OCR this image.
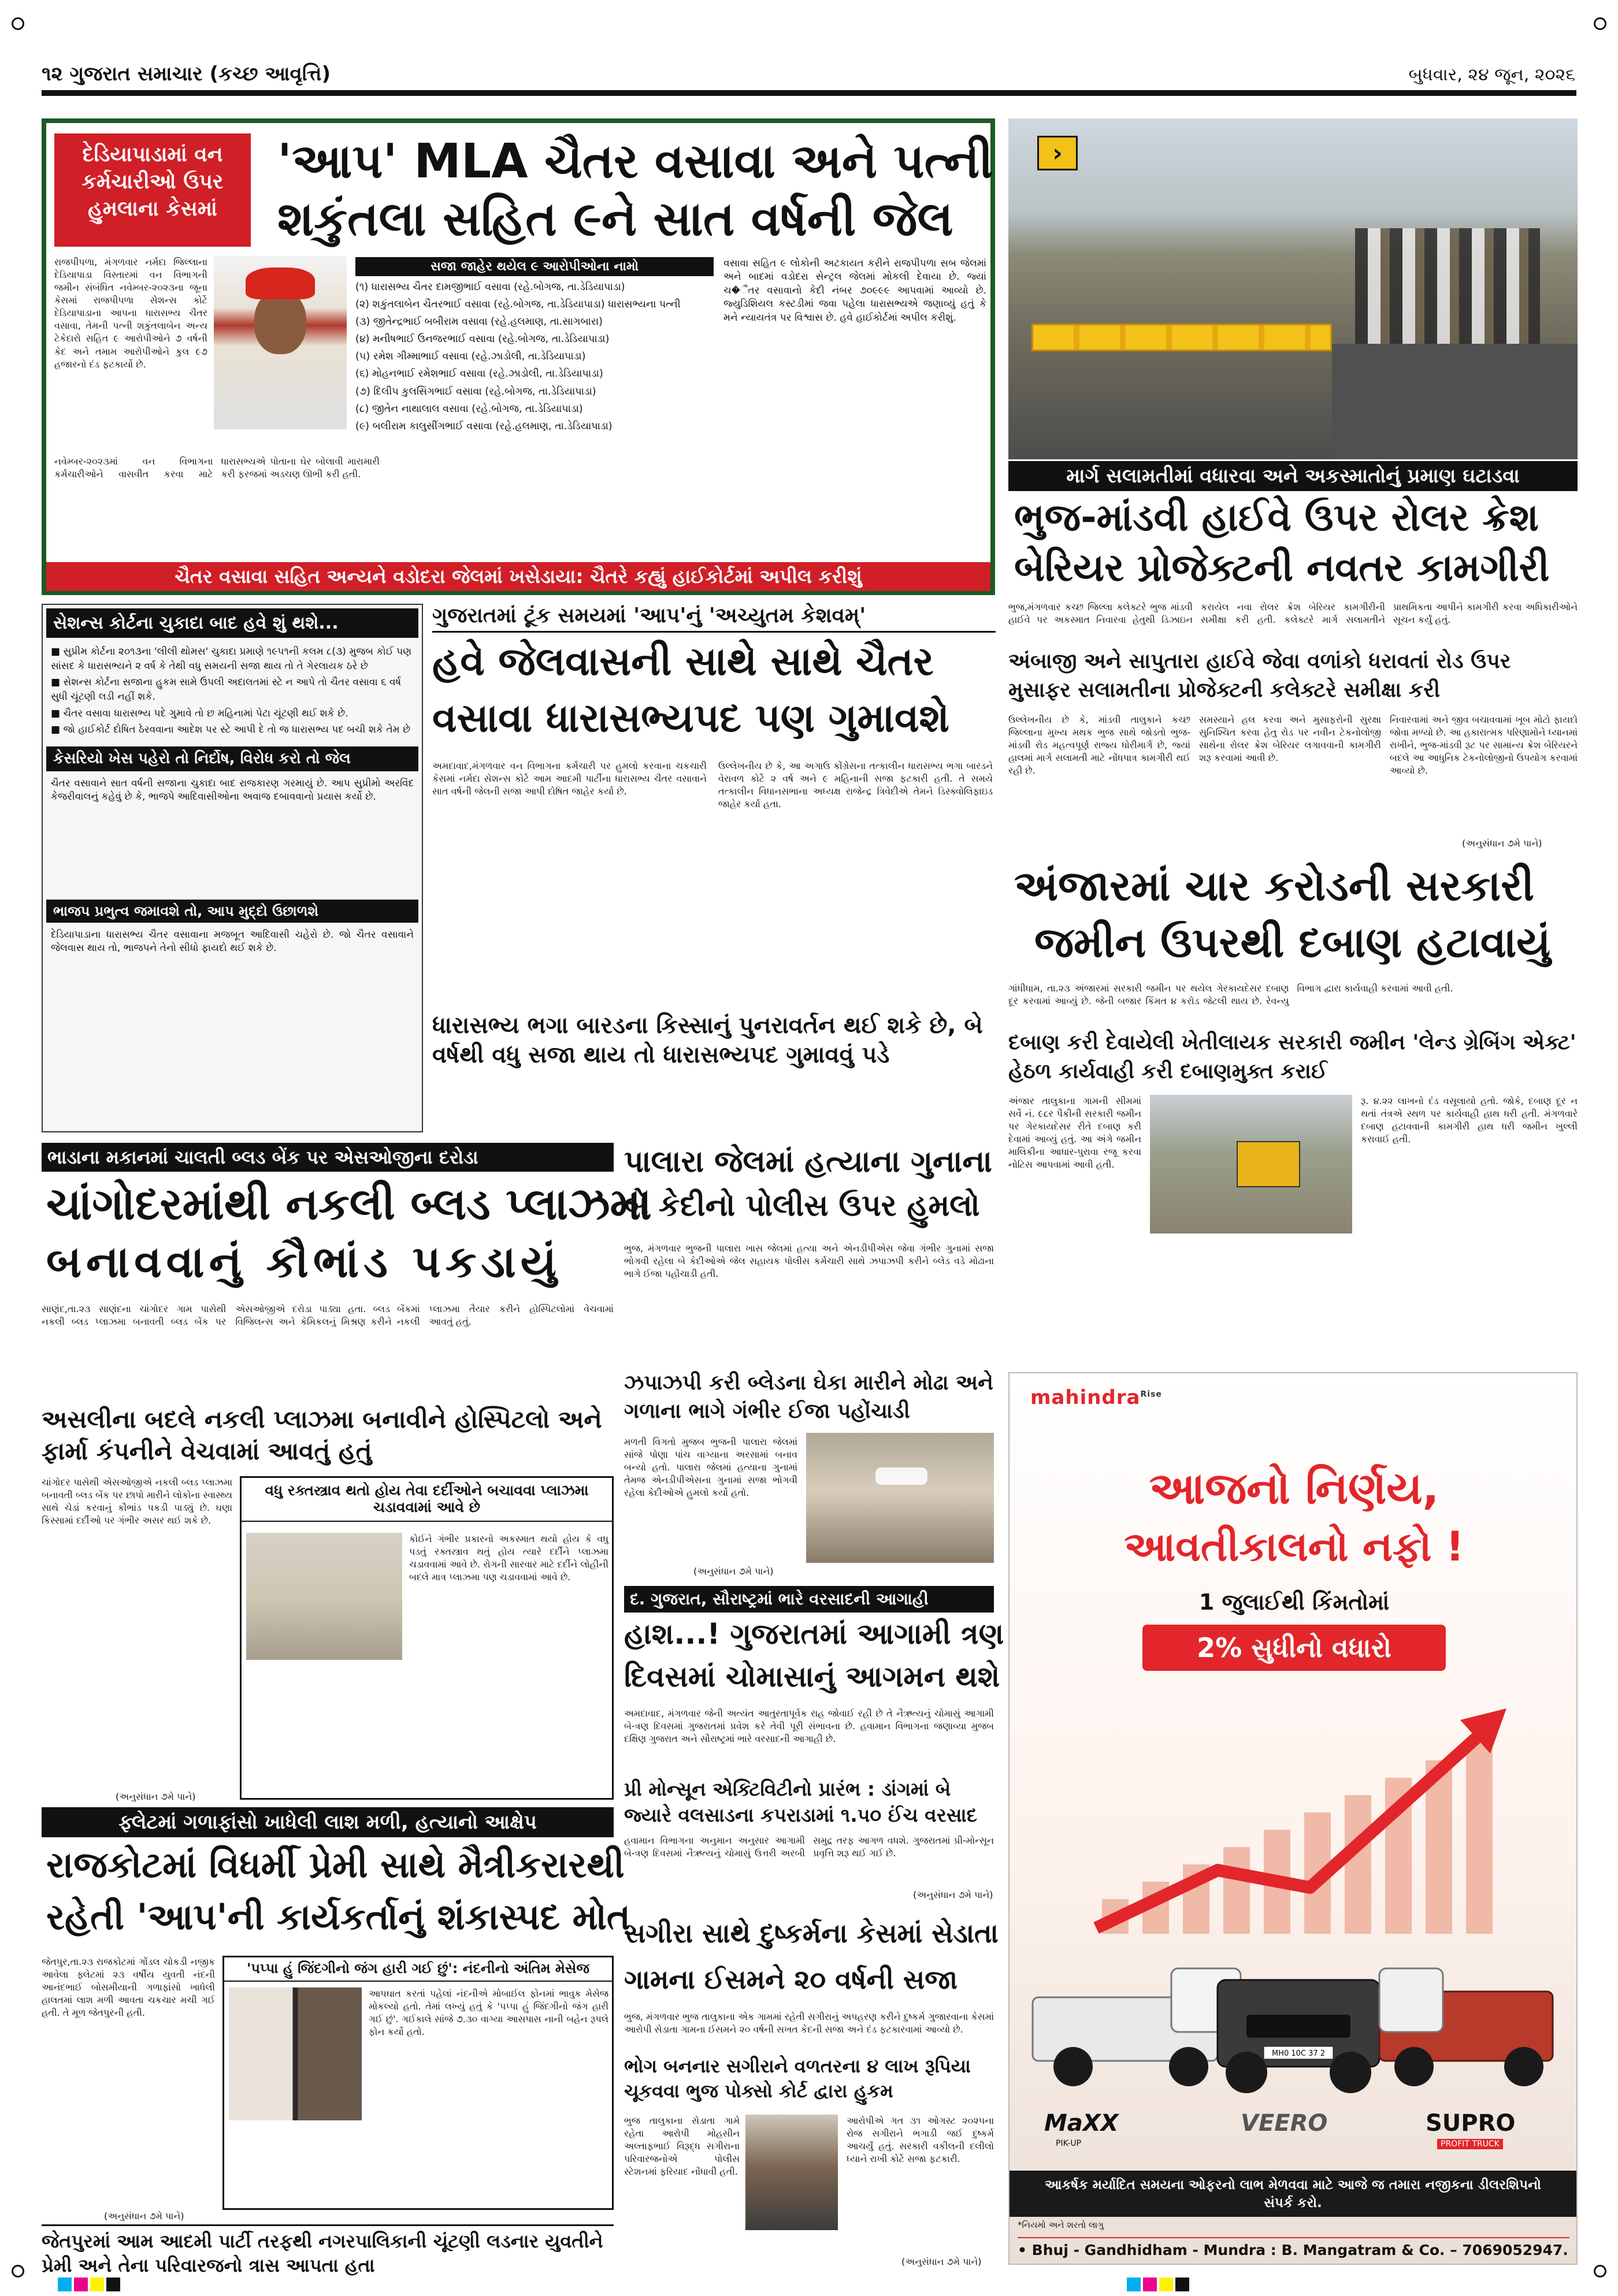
૧૨ ગુજરાત સમાચાર (કચ્છ આવૃત્તિ)	બુધવાર, ૨૪ જૂન, ૨૦૨૬
દેડિયાપાડામાં વન કર્મચારીઓ ઉપર હુમલાના કેસમાં
'આપ' MLA ચૈતર વસાવા અને પત્ની
શકુંતલા સહિત ૯ને સાત વર્ષની જેલ
રાજપીપળા, મંગળવાર નર્મદા જિલ્લાના દેડિયાપાડા વિસ્તારમાં વન વિભાગની જમીન સંબંધિત નવેમ્બર-૨૦૨૩ના જૂના કેસમાં રાજપીપળા સેશન્સ કોર્ટે દેડિયાપાડાના આપના ધારાસભ્ય ચૈતર વસાવા, તેમની પત્ની શકુંતલાબેન અન્ય ટેકેદારો સહિત ૯ આરોપીઓને ૭ વર્ષની કેદ અને તમામ આરોપીઓને કુલ ૯૭ હજારનો દંડ ફટકાર્યો છે.
સજા જાહેર થયેલ ૯ આરોપીઓના નામો
(૧) ધારાસભ્ય ચૈતર દામજીભાઈ વસાવા (રહે.બોગજ, તા.ડેડિયાપાડા)
(૨) શકુંતલાબેન ચૈતરભાઈ વસાવા (રહે.બોગજ, તા.ડેડિયાપાડા) ધારાસભ્યના પત્ની
(૩) જીતેન્દ્રભાઈ બબીરામ વસાવા (રહે.હલમાણ, તા.સાગબારા)
(૪) મનીષભાઈ ઉનજરભાઈ વસાવા (રહે.બોગજ, તા.ડેડિયાપાડા)
(૫) રમેશ ગીમ્માભાઈ વસાવા (રહે.ઝાડોલી, તા.ડેડિયાપાડા)
(૬) મોહનભાઈ રમેશભાઈ વસાવા (રહે.ઝાડોલી, તા.ડેડિયાપાડા)
(૭) દિલીપ કુલસિંગભાઈ વસાવા (રહે.બોગજ, તા.ડેડિયાપાડા)
(૮) જીતેન નાથાલાલ વસાવા (રહે.બોગજ, તા.ડેડિયાપાડા)
(૯) બલીરામ કાલુસીંગભાઈ વસાવા (રહે.હલમાણ, તા.ડેડિયાપાડા)
વસાવા સહિત ૯ લોકોની અટકાયત કરીને રાજપીપળા સબ જેલમાં અને બાદમાં વડોદરા સેન્ટ્રલ જેલમાં મોકલી દેવાયા છે. જ્યાં ચ�ૈતર વસાવાનો કેદી નંબર ૭૦૯૯૯ આપવામાં આવ્યો છે. જ્યુડિશિયલ કસ્ટડીમાં જવા પહેલા ધારાસભ્યએ જણાવ્યું હતું કે મને ન્યાયતંત્ર પર વિશ્વાસ છે. હવે હાઈકોર્ટમાં અપીલ કરીશું.
નવેમ્બર-૨૦૨૩માં વન વિભાગના કર્મચારીઓને વાસવીત કરવા માટે ધારાસભ્યએ પોતાના ઘેર બોલાવી મારામારી કરી ફરજમાં અડચણ ઊભી કરી હતી.
ચૈતર વસાવા સહિત અન્યને વડોદરા જેલમાં ખસેડાયા: ચૈતરે કહ્યું હાઈકોર્ટમાં અપીલ કરીશું
સેશન્સ કોર્ટના ચુકાદા બાદ હવે શું થશે...
■ સુપ્રીમ કોર્ટના ૨૦૧૩ના 'લીલી થોમસ' ચુકાદા પ્રમાણે ૧૯૫૧ની કલમ ૮(૩) મુજબ કોઈ પણ સાંસદ કે ધારાસભ્યને ૨ વર્ષ કે તેથી વધુ સમયની સજા થાય તો તે ગેરલાયક ઠરે છે
■ સેશન્સ કોર્ટના સજાના હુકમ સામે ઉપલી અદાલતમાં સ્ટે ન આપે તો ચૈતર વસાવા ૬ વર્ષ સુધી ચૂંટણી લડી નહીં શકે.
■ ચૈતર વસાવા ધારાસભ્ય પદે ગુમાવે તો છ મહિનામાં પેટા ચૂંટણી થઈ શકે છે.
■ જો હાઈકોર્ટ દોષિત ઠેરવવાના આદેશ પર સ્ટે આપી દે તો જ ધારાસભ્ય પદ બચી શકે તેમ છે
કેસરિયો ખેસ પહેરો તો નિર્દોષ, વિરોધ કરો તો જેલ
ચૈતર વસાવાને સાત વર્ષની સજાના ચુકાદા બાદ રાજકારણ ગરમાયું છે. આપ સુપ્રીમો અરવિંદ કેજરીવાલનું કહેવું છે કે, ભાજપે આદિવાસીઓના અવાજ દબાવવાનો પ્રયાસ કર્યો છે.
ભાજપ પ્રભુત્વ જમાવશે તો, આપ મુદ્દો ઉછાળશે
દેડિયાપાડાના ધારાસભ્ય ચૈતર વસાવાના મજબૂત આદિવાસી ચહેરો છે. જો ચૈતર વસાવાને જેલવાસ થાય તો, ભાજપને તેનો સીધો ફાયદો થઈ શકે છે.
ગુજરાતમાં ટૂંક સમયમાં 'આપ'નું 'અચ્યુતમ કેશવમ્'
હવે જેલવાસની સાથે સાથે ચૈતર
વસાવા ધારાસભ્યપદ પણ ગુમાવશે
અમદાવાદ,મંગળવાર વન વિભાગના કર્મચારી પર હુમલો કરવાના ચકચારી કેસમાં નર્મદા સેશન્સ કોર્ટે આમ આદમી પાર્ટીના ધારાસભ્ય ચૈતર વસાવાને સાત વર્ષની જેલની સજા આપી દોષિત જાહેર કર્યા છે.
ઉલ્લેખનીય છે કે, આ અગાઉ કોંગ્રેસના તત્કાલીન ધારાસભ્ય ભગા બારડને વેરાવળ કોર્ટે ૨ વર્ષ અને ૯ મહિનાની સજા ફટકારી હતી. તે સમયે તત્કાલીન વિધાનસભાના અધ્યક્ષ રાજેન્દ્ર ત્રિવેદીએ તેમને ડિસ્ક્વોલિફાઇડ જાહેર કર્યા હતા.
ધારાસભ્ય ભગા બારડના કિસ્સાનું પુનરાવર્તન થઈ શકે છે, બે વર્ષથી વધુ સજા થાય તો ધારાસભ્યપદ ગુમાવવું પડે
›
માર્ગ સલામતીમાં વધારવા અને અકસ્માતોનું પ્રમાણ ઘટાડવા
ભુજ-માંડવી હાઈવે ઉપર રોલર ક્રેશ
બેરિયર પ્રોજેક્ટની નવતર કામગીરી
ભુજ,મંગળવાર કચ્છ જિલ્લા કલેક્ટરે ભુજ માંડવી હાઈવે પર અકસ્માત નિવારવા હેતુથી ડિઝાઇન કરાયેલ નવા રોલર ક્રેશ બેરિયર કામગીરીની સમીક્ષા કરી હતી. કલેક્ટરે માર્ગ સલામતીને પ્રાથમિકતા આપીને કામગીરી કરવા અધિકારીઓને સૂચન કર્યું હતું.
અંબાજી અને સાપુતારા હાઈવે જેવા વળાંકો ધરાવતાં રોડ ઉપર મુસાફર સલામતીના પ્રોજેક્ટની કલેક્ટરે સમીક્ષા કરી
ઉલ્લેખનીય છે કે, માંડવી તાલુકાને કચ્છ જિલ્લાના મુખ્ય મથક ભુજ સાથે જોડતો ભુજ-માંડવી રોડ મહત્વપૂર્ણ રાજ્ય ધોરીમાર્ગ છે, જ્યાં હાલમાં માર્ગ સલામતી માટે નોંધપાત્ર કામગીરી થઈ રહી છે.
સમસ્યાને હલ કરવા અને મુસાફરોની સુરક્ષા સુનિશ્ચિત કરવા હેતુ રોડ પર નવીન ટેકનોલોજી સાથેના રોલર ક્રેશ બેરિયર લગાવવાની કામગીરી શરૂ કરવામાં આવી છે.
નિવારવામાં અને જીવ બચાવવામાં ખૂબ મોટો ફાયદો જોવા મળ્યો છે. આ હકારાત્મક પરિણામોને ધ્યાનમાં રાખીને, ભુજ-માંડવી રૂટ પર સામાન્ય ક્રેશ બેરિયરને બદલે આ આધુનિક ટેકનોલોજીનો ઉપયોગ કરવામાં આવ્યો છે.
(અનુસંધાન ૭મે પાને)
અંજારમાં ચાર કરોડની સરકારી
જમીન ઉપરથી દબાણ હટાવાયું
ગાંધીધામ, તા.૨૩ અંજારમાં સરકારી જમીન પર થયેલ ગેરકાયદેસર દબાણ દૂર કરવામાં આવ્યું છે. જેની બજાર કિંમત ૪ કરોડ જેટલી થાય છે. રેવન્યુ વિભાગ દ્વારા કાર્યવાહી કરવામાં આવી હતી.
દબાણ કરી દેવાયેલી ખેતીલાયક સરકારી જમીન 'લેન્ડ ગ્રેબિંગ એક્ટ' હેઠળ કાર્યવાહી કરી દબાણમુક્ત કરાઈ
અંજાર તાલુકાના ગામની સીમમાં સર્વે નં. ૯૮ર પૈકીની સરકારી જમીન પર ગેરકાયદેસર રીતે દબાણ કરી દેવામાં આવ્યું હતું. આ અંગે જમીન માલિકીના આધાર-પુરાવા રજૂ કરવા નોટિસ આપવામાં આવી હતી.
રૂ. ૪.૨૨ લાખનો દંડ વસૂલાયો હતો. જોકે, દબાણ દૂર ન થતાં તંત્રએ સ્થળ પર કાર્યવાહી હાથ ધરી હતી. મંગળવારે દબાણ હટાવવાની કામગીરી હાથ ધરી જમીન ખુલ્લી કરાવાઈ હતી.
ભાડાના મકાનમાં ચાલતી બ્લડ બેંક પર એસઓજીના દરોડા
ચાંગોદરમાંથી નકલી બ્લડ પ્લાઝમા
બનાવવાનું કૌભાંડ પકડાયું
સાણંદ,તા.૨૩ સાણંદના ચાંગોદર ગામ પાસેથી નકલી બ્લડ પ્લાઝમા બનાવતી બ્લડ બેંક પર એસઓજીએ દરોડા પાડ્યા હતા. બ્લડ બેંકમાં વિજિલન્સ અને કેમિકલનું મિશ્રણ કરીને નકલી પ્લાઝમા તૈયાર કરીને હોસ્પિટલોમાં વેચવામાં આવતું હતું.
અસલીના બદલે નકલી પ્લાઝમા બનાવીને હોસ્પિટલો અને ફાર્મા કંપનીને વેચવામાં આવતું હતું
ચાંગોદર પાસેથી એસઓજીએ નકલી બ્લડ પ્લાઝમા બનાવતી બ્લડ બેંક પર છાપો મારીને લોકોના સ્વાસ્થ્ય સાથે ચેડાં કરવાનું કૌભાંડ પકડી પાડ્યું છે. ઘણા કિસ્સામાં દર્દીઓ પર ગંભીર અસર થઈ શકે છે.
વધુ રક્તસ્ત્રાવ થતો હોય તેવા દર્દીઓને બચાવવા પ્લાઝમા ચડાવવામાં આવે છે
કોઈને ગંભીર પ્રકારનો અકસ્માત થયો હોય કે વધુ પડતું રક્તસ્ત્રાવ થતું હોય ત્યારે દર્દીને પ્લાઝમા ચડાવવામાં આવે છે. રોગની સારવાર માટે દર્દીને લોહીની બદલે માત્ર પ્લાઝમા પણ ચડાવવામાં આવે છે.
(અનુસંધાન ૭મે પાને)
પાલારા જેલમાં હત્યાના ગુનાના
બે કેદીનો પોલીસ ઉપર હુમલો
ભુજ, મંગળવાર ભુજની પાલારા ખાસ જેલમાં હત્યા અને એનડીપીએસ જેવા ગંભીર ગુનામાં સજા ભોગવી રહેલા બે કેદીઓએ જેલ સહાયક પોલીસ કર્મચારી સાથે ઝપાઝપી કરીને બ્લેડ વડે મોઢાના ભાગે ઈજા પહોંચાડી હતી.
ઝપાઝપી કરી બ્લેડના ઘેકા મારીને મોઢા અને ગળાના ભાગે ગંભીર ઈજા પહોંચાડી
મળતી વિગતો મુજબ ભુજની પાલારા જેલમાં સાંજે પોણા પાંચ વાગ્યાના અરસામાં બનાવ બન્યો હતો. પાલારા જેલમાં હત્યાના ગુનામાં તેમજ એનડીપીએસના ગુનામાં સજા ભોગવી રહેલા કેદીઓએ હુમલો કર્યો હતો.
(અનુસંધાન ૭મે પાને)
દ. ગુજરાત, સૌરાષ્ટ્રમાં ભારે વરસાદની આગાહી
હાશ...! ગુજરાતમાં આગામી ત્રણ
દિવસમાં ચોમાસાનું આગમન થશે
અમદાવાદ, મંગળવાર જેની અત્યંત આતુરતાપૂર્વક રાહ જોવાઈ રહી છે તે નૈઋત્યનું ચોમાસું આગામી બે-ત્રણ દિવસમાં ગુજરાતમાં પ્રવેશ કરે તેવી પૂરી સંભાવના છે. હવામાન વિભાગના જણાવ્યા મુજબ દક્ષિણ ગુજરાત અને સૌરાષ્ટ્રમાં ભારે વરસાદની આગાહી છે.
પ્રી મોન્સૂન એક્ટિવિટીનો પ્રારંભ : ડાંગમાં બે જ્યારે વલસાડના કપરાડામાં ૧.૫૦ ઈંચ વરસાદ
હવામાન વિભાગના અનુમાન અનુસાર આગામી બે-ત્રણ દિવસમાં નૈઋત્યનું ચોમાસું ઉત્તરી અરબી સમુદ્ર તરફ આગળ વધશે. ગુજરાતમાં પ્રી-મોન્સૂન પ્રવૃત્તિ શરૂ થઈ ગઈ છે.
(અનુસંધાન ૭મે પાને)
ફ્લેટમાં ગળાફાંસો ખાધેલી લાશ મળી, હત્યાનો આક્ષેપ
રાજકોટમાં વિધર્મી પ્રેમી સાથે મૈત્રીકરારથી
રહેતી 'આપ'ની કાર્યકર્તાનું શંકાસ્પદ મોત
જેતપુર,તા.૨૩ રાજકોટમાં ગોંડલ ચોકડી નજીક આવેલા ફ્લેટમાં ૨૩ વર્ષીય યુવતી નંદની આનંદભાઈ બોસમીયાની ગળાફાંસો ખાધેલી હાલતમાં લાશ મળી આવતા ચકચાર મચી ગઈ હતી. તે મૂળ જેતપુરની હતી.
'પપ્પા હું જિંદગીનો જંગ હારી ગઈ છું': નંદનીનો અંતિમ મેસેજ
આપઘાત કરતાં પહેલાં નંદનીએ મોબાઈલ ફોનમાં ભાવુક મેસેજ મોકલ્યો હતો. તેમાં લખ્યું હતું કે 'પપ્પા હું જિંદગીનો જંગ હારી ગઈ છું'. ગઈકાલે સાંજે ૭.૩૦ વાગ્યા આસપાસ નાની બહેન રૂપલે ફોન કર્યો હતો.
(અનુસંધાન ૭મે પાને)
જેતપુરમાં આમ આદમી પાર્ટી તરફથી નગરપાલિકાની ચૂંટણી લડનાર યુવતીને પ્રેમી અને તેના પરિવારજનો ત્રાસ આપતા હતા
સગીરા સાથે દુષ્કર્મના કેસમાં સેડાતા
ગામના ઈસમને ૨૦ વર્ષની સજા
ભુજ, મંગળવાર ભુજ તાલુકાના એક ગામમાં રહેતી સગીરાનું અપહરણ કરીને દુષ્કર્મ ગુજારવાના કેસમાં આરોપી સેડાતા ગામના ઈસમને ૨૦ વર્ષની સખત કેદની સજા અને દંડ ફટકારવામાં આવ્યો છે.
ભોગ બનનાર સગીરાને વળતરના ૪ લાખ રૂપિયા ચૂકવવા ભુજ પોક્સો કોર્ટ દ્વારા હુકમ
ભુજ તાલુકાના સેડાતા ગામે રહેતા આરોપી મોહસીન અલ્તાફભાઈ વિરૂદ્ધ સગીરાના પરિવારજનોએ પોલીસ સ્ટેશનમાં ફરિયાદ નોંધાવી હતી.
આરોપીએ ગત ૩૧ ઓગસ્ટ ૨૦૨૫ના રોજ સગીરાને ભગાડી જઈ દુષ્કર્મ આચર્યું હતું. સરકારી વકીલની દલીલો ધ્યાને રાખી કોર્ટે સજા ફટકારી.
(અનુસંધાન ૭મે પાને)
mahindra$^{Rise}$
આજનો નિર્ણય,
આવતીકાલનો નફો !
1 જુલાઈથી કિંમતોમાં
2% સુધીનો વધારો
MH0 10C 37 2
MaXX
PIK-UP
VEERO	SUPRO
PROFIT TRUCK
આકર્ષક મર્યાદિત સમયના ઓફરનો લાભ મેળવવા માટે આજે જ તમારા નજીકના ડીલરશિપનો સંપર્ક કરો.
*નિયમો અને શરતો લાગુ
• Bhuj - Gandhidham - Mundra : B. Mangatram & Co. – 7069052947.
